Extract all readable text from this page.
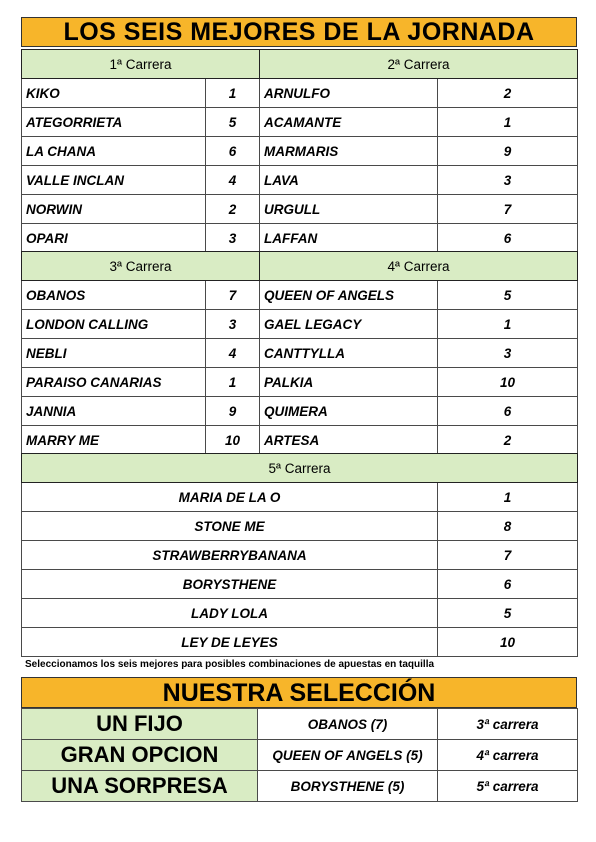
LOS SEIS MEJORES DE LA JORNADA
1ª Carrera		2ª Carrera	
KIKO	1	ARNULFO	2
ATEGORRIETA	5	ACAMANTE	1
LA CHANA	6	MARMARIS	9
VALLE INCLAN	4	LAVA	3
NORWIN	2	URGULL	7
OPARI	3	LAFFAN	6
3ª Carrera		4ª Carrera	
OBANOS	7	QUEEN OF ANGELS	5
LONDON CALLING	3	GAEL LEGACY	1
NEBLI	4	CANTTYLLA	3
PARAISO CANARIAS	1	PALKIA	10
JANNIA	9	QUIMERA	6
MARRY ME	10	ARTESA	2
5ª Carrera	
MARIA DE LA O	1
STONE ME	8
STRAWBERRYBANANA	7
BORYSTHENE	6
LADY LOLA	5
LEY DE LEYES	10
Seleccionamos los seis mejores para posibles combinaciones de apuestas en taquilla
NUESTRA SELECCIÓN
UN FIJO	OBANOS (7)	3ª carrera
GRAN OPCION	QUEEN OF ANGELS (5)	4ª carrera
UNA SORPRESA	BORYSTHENE (5)	5ª carrera
